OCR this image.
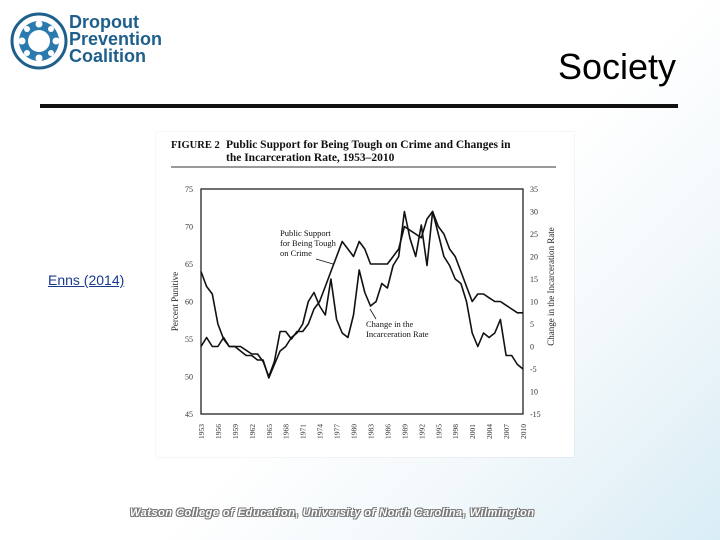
Dropout
Prevention
Coalition	Society
Enns (2014)
FIGURE 2 Public Support for Being Tough on Crime and Changes in
the Incarceration Rate, 1953–2010
75
70
65
60
55
50
45
35
30
25
20
15
10
5
0
-5
10
-15
1953 1956 1959 1962 1965 1968 1971 1974 1977 1980 1983 1986 1989 1992 1995 1998 2001 2004 2007 2010
Percent Punitive	Change in the Incarceration Rate
Public Support
for Being Tough
on Crime
Change in the
Incarceration Rate
Watson College of Education, University of North Carolina, Wilmington
